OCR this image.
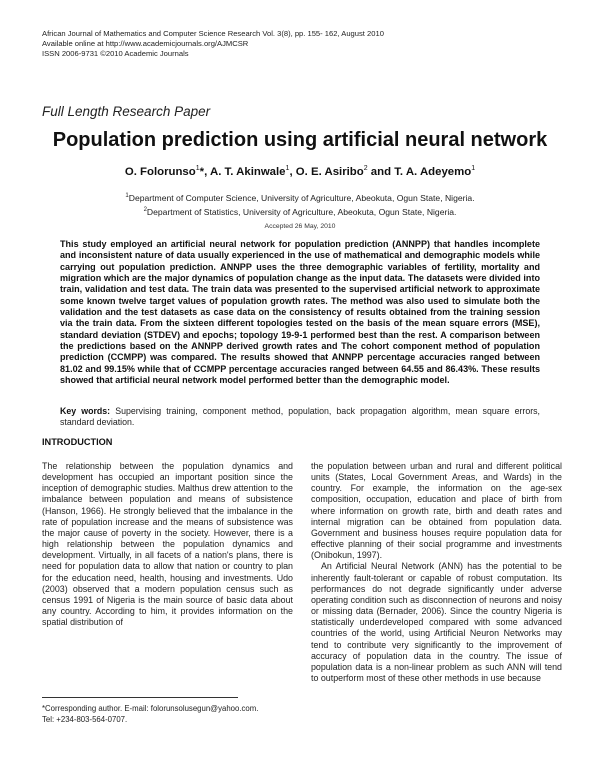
African Journal of Mathematics and Computer Science Research Vol. 3(8), pp. 155- 162, August 2010
Available online at http://www.academicjournals.org/AJMCSR
ISSN 2006-9731 ©2010 Academic Journals
Full Length Research Paper
Population prediction using artificial neural network
O. Folorunso$^1$*, A. T. Akinwale$^1$, O. E. Asiribo$^2$ and T. A. Adeyemo$^1$
$^1$Department of Computer Science, University of Agriculture, Abeokuta, Ogun State, Nigeria.
$^2$Department of Statistics, University of Agriculture, Abeokuta, Ogun State, Nigeria.
Accepted 26 May, 2010
This study employed an artificial neural network for population prediction (ANNPP) that handles incomplete and inconsistent nature of data usually experienced in the use of mathematical and demographic models while carrying out population prediction. ANNPP uses the three demographic variables of fertility, mortality and migration which are the major dynamics of population change as the input data. The datasets were divided into train, validation and test data. The train data was presented to the supervised artificial network to approximate some known twelve target values of population growth rates. The method was also used to simulate both the validation and the test datasets as case data on the consistency of results obtained from the training session via the train data. From the sixteen different topologies tested on the basis of the mean square errors (MSE), standard deviation (STDEV) and epochs; topology 19-9-1 performed best than the rest. A comparison between the predictions based on the ANNPP derived growth rates and The cohort component method of population prediction (CCMPP) was compared. The results showed that ANNPP percentage accuracies ranged between 81.02 and 99.15% while that of CCMPP percentage accuracies ranged between 64.55 and 86.43%. These results showed that artificial neural network model performed better than the demographic model.
Key words: Supervising training, component method, population, back propagation algorithm, mean square errors, standard deviation.
INTRODUCTION

The relationship between the population dynamics and development has occupied an important position since the inception of demographic studies. Malthus drew attention to the imbalance between population and means of subsistence (Hanson, 1966). He strongly believed that the imbalance in the rate of population increase and the means of subsistence was the major cause of poverty in the society. However, there is a high relationship between the population dynamics and development. Virtually, in all facets of a nation's plans, there is need for population data to allow that nation or country to plan for the education need, health, housing and investments. Udo (2003) observed that a modern population census such as census 1991 of Nigeria is the main source of basic data about any country. According to him, it provides information on the spatial distribution of

the population between urban and rural and different political units (States, Local Government Areas, and Wards) in the country. For example, the information on the age-sex composition, occupation, education and place of birth from where information on growth rate, birth and death rates and internal migration can be obtained from population data. Government and business houses require population data for effective planning of their social programme and investments (Onibokun, 1997).

An Artificial Neural Network (ANN) has the potential to be inherently fault-tolerant or capable of robust computation. Its performances do not degrade significantly under adverse operating condition such as disconnection of neurons and noisy or missing data (Bernader, 2006). Since the country Nigeria is statistically underdeveloped compared with some advanced countries of the world, using Artificial Neuron Networks may tend to contribute very significantly to the improvement of accuracy of population data in the country. The issue of population data is a non-linear problem as such ANN will tend to outperform most of these other methods in use because

*Corresponding author. E-mail: folorunsolusegun@yahoo.com.
Tel: +234-803-564-0707.
